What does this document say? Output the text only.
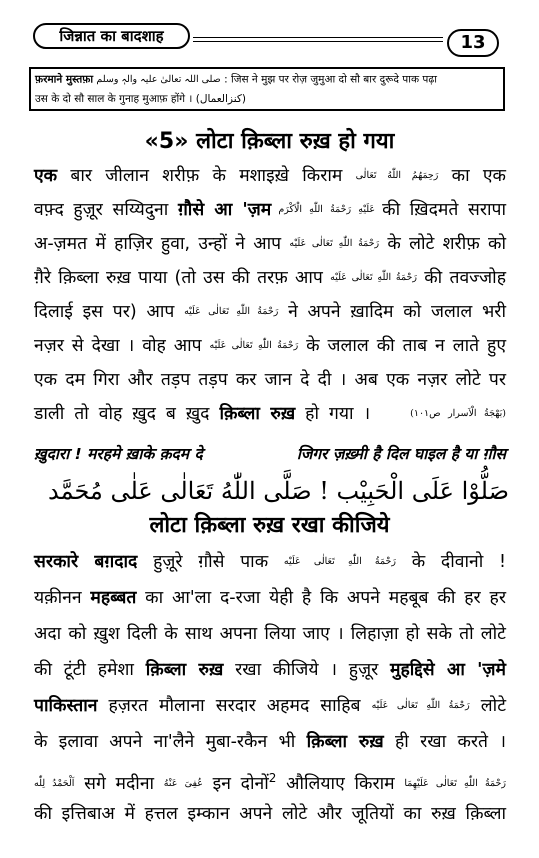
जिन्नात का बादशाह	13
फ़रमाने मुस्तफ़ा صلی اللہ تعالیٰ علیہ والہٖ وسلم : जिस ने मुझ पर रोज़ जुमुआ दो सौ बार दुरूदे पाक पढ़ा
उस के दो सौ साल के गुनाह मुआफ़ होंगे । (کنزالعمال)
«5» लोटा क़िब्ला रुख़ हो गया
एक बार जीलान शरीफ़ के मशाइख़े किराम رَحِمَهُمُ اللّٰهُ تَعَالٰی का एक
वफ़्द हुज़ूर सय्यिदुना ग़ौसे आ 'ज़म عَلَیْهِ رَحْمَةُ اللّٰهِ الْاَكْرَم की ख़िदमते सरापा
अ-ज़मत में हाज़िर हुवा, उन्हों ने आप رَحْمَةُ اللّٰهِ تَعَالٰی عَلَیْه के लोटे शरीफ़ को
ग़ैरे क़िब्ला रुख़ पाया (तो उस की तरफ़ आप رَحْمَةُ اللّٰهِ تَعَالٰی عَلَیْه की तवज्जोह
दिलाई इस पर) आप رَحْمَةُ اللّٰهِ تَعَالٰی عَلَیْه ने अपने ख़ादिम को जलाल भरी
नज़र से देखा । वोह आप رَحْمَةُ اللّٰهِ تَعَالٰی عَلَیْه के जलाल की ताब न लाते हुए
एक दम गिरा और तड़प तड़प कर जान दे दी । अब एक नज़र लोटे पर
डाली तो वोह ख़ुद ब ख़ुद क़िब्ला रुख़ हो गया ।	(بَهْجَةُ الْاَسرار ص۱۰۱)
ख़ुदारा ! मरहमे ख़ाके क़दम दे	जिगर ज़ख़्मी है दिल घाइल है या ग़ौस
صَلُّوْا عَلَی الْحَبِیْب ! صَلَّی اللّٰهُ تَعَالٰی عَلٰی مُحَمَّد
लोटा क़िब्ला रुख़ रखा कीजिये
सरकारे बग़दाद हुज़ूरे ग़ौसे पाक رَحْمَةُ اللّٰهِ تَعَالٰی عَلَیْه के दीवानो !
यक़ीनन महब्बत का आ'ला द-रजा येही है कि अपने महबूब की हर हर
अदा को ख़ुश दिली के साथ अपना लिया जाए । लिहाज़ा हो सके तो लोटे
की टूंटी हमेशा क़िब्ला रुख़ रखा कीजिये । हुज़ूर मुहद्दिसे आ 'ज़मे
पाकिस्तान हज़रत मौलाना सरदार अहमद साहिब رَحْمَةُ اللّٰهِ تَعَالٰی عَلَیْه लोटे
के इलावा अपने ना'लैने मुबा-रकैन भी क़िब्ला रुख़ ही रखा करते ।
اَلْحَمْدُ لِلّٰه सगे मदीना عُفِیَ عَنْهُ इन दोनों$^2$ औलियाए किराम رَحْمَةُ اللّٰهِ تَعَالٰی عَلَیْهِمَا
की इत्तिबाअ में हत्तल इम्कान अपने लोटे और जूतियों का रुख़ क़िब्ला
